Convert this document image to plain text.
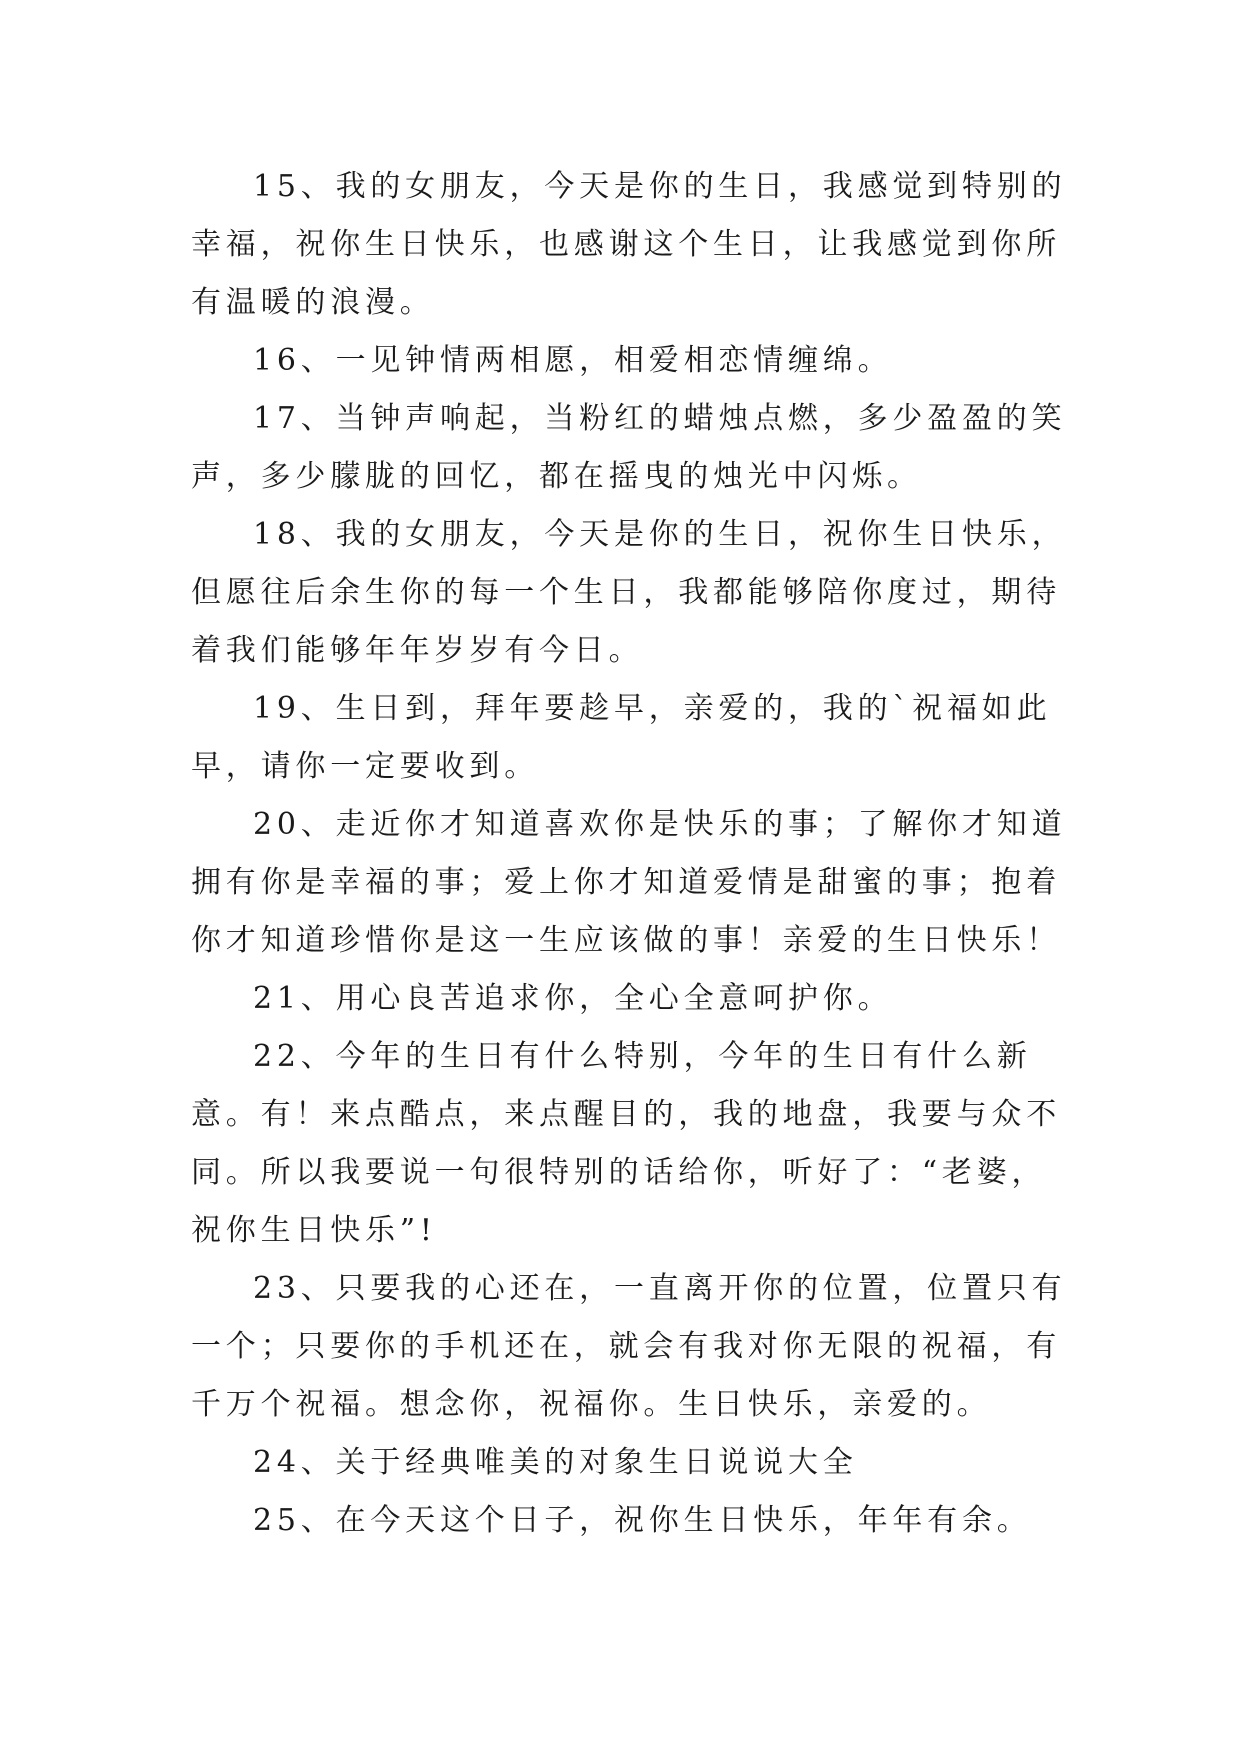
15、我的女朋友，今天是你的生日，我感觉到特别的幸福，祝你生日快乐，也感谢这个生日，让我感觉到你所有温暖的浪漫。

16、一见钟情两相愿，相爱相恋情缠绵。

17、当钟声响起，当粉红的蜡烛点燃，多少盈盈的笑声，多少朦胧的回忆，都在摇曳的烛光中闪烁。

18、我的女朋友，今天是你的生日，祝你生日快乐，但愿往后余生你的每一个生日，我都能够陪你度过，期待着我们能够年年岁岁有今日。

19、生日到，拜年要趁早，亲爱的，我的`祝福如此早，请你一定要收到。

20、走近你才知道喜欢你是快乐的事；了解你才知道拥有你是幸福的事；爱上你才知道爱情是甜蜜的事；抱着你才知道珍惜你是这一生应该做的事！亲爱的生日快乐！

21、用心良苦追求你，全心全意呵护你。

22、今年的生日有什么特别，今年的生日有什么新意。有！来点酷点，来点醒目的，我的地盘，我要与众不同。所以我要说一句很特别的话给你，听好了：“老婆，祝你生日快乐”!

23、只要我的心还在，一直离开你的位置，位置只有一个；只要你的手机还在，就会有我对你无限的祝福，有千万个祝福。想念你，祝福你。生日快乐，亲爱的。

24、关于经典唯美的对象生日说说大全

25、在今天这个日子，祝你生日快乐，年年有余。
